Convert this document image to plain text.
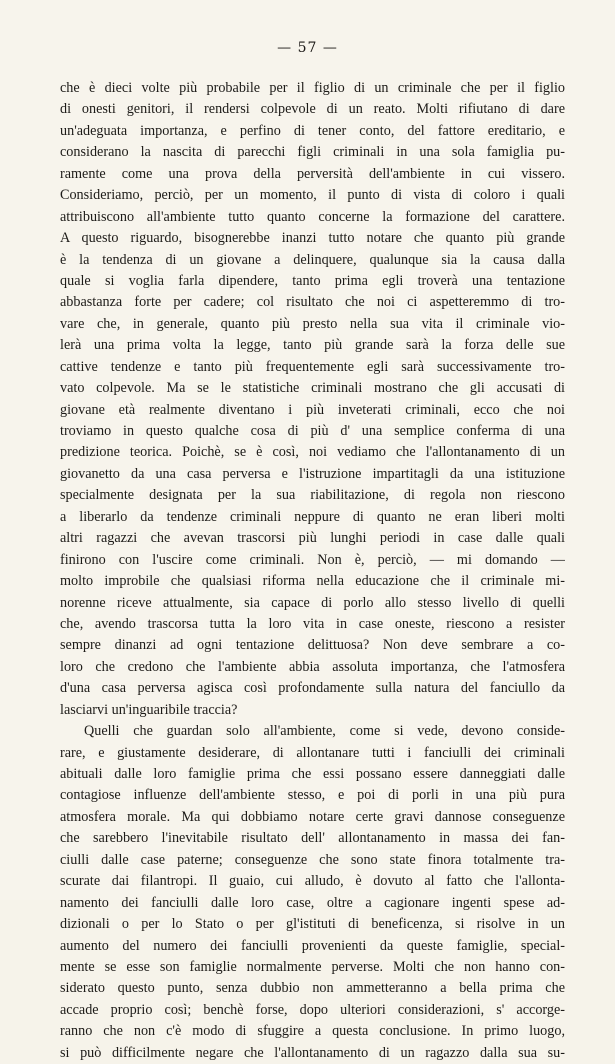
— 57 —
che è dieci volte più probabile per il figlio di un criminale che per il figlio
di onesti genitori, il rendersi colpevole di un reato. Molti rifiutano di dare
un'adeguata importanza, e perfino di tener conto, del fattore ereditario, e
considerano la nascita di parecchi figli criminali in una sola famiglia pu-
ramente come una prova della perversità dell'ambiente in cui vissero.
Consideriamo, perciò, per un momento, il punto di vista di coloro i quali
attribuiscono all'ambiente tutto quanto concerne la formazione del carattere.
A questo riguardo, bisognerebbe inanzi tutto notare che quanto più grande
è la tendenza di un giovane a delinquere, qualunque sia la causa dalla
quale si voglia farla dipendere, tanto prima egli troverà una tentazione
abbastanza forte per cadere; col risultato che noi ci aspetteremmo di tro-
vare che, in generale, quanto più presto nella sua vita il criminale vio-
lerà una prima volta la legge, tanto più grande sarà la forza delle sue
cattive tendenze e tanto più frequentemente egli sarà successivamente tro-
vato colpevole. Ma se le statistiche criminali mostrano che gli accusati di
giovane età realmente diventano i più inveterati criminali, ecco che noi
troviamo in questo qualche cosa di più d' una semplice conferma di una
predizione teorica. Poichè, se è così, noi vediamo che l'allontanamento di un
giovanetto da una casa perversa e l'istruzione impartitagli da una istituzione
specialmente designata per la sua riabilitazione, di regola non riescono
a liberarlo da tendenze criminali neppure di quanto ne eran liberi molti
altri ragazzi che avevan trascorsi più lunghi periodi in case dalle quali
finirono con l'uscire come criminali. Non è, perciò, — mi domando —
molto improbile che qualsiasi riforma nella educazione che il criminale mi-
norenne riceve attualmente, sia capace di porlo allo stesso livello di quelli
che, avendo trascorsa tutta la loro vita in case oneste, riescono a resister
sempre dinanzi ad ogni tentazione delittuosa? Non deve sembrare a co-
loro che credono che l'ambiente abbia assoluta importanza, che l'atmosfera
d'una casa perversa agisca così profondamente sulla natura del fanciullo da
lasciarvi un'inguaribile traccia?
Quelli che guardan solo all'ambiente, come si vede, devono conside-
rare, e giustamente desiderare, di allontanare tutti i fanciulli dei criminali
abituali dalle loro famiglie prima che essi possano essere danneggiati dalle
contagiose influenze dell'ambiente stesso, e poi di porli in una più pura
atmosfera morale. Ma qui dobbiamo notare certe gravi dannose conseguenze
che sarebbero l'inevitabile risultato dell' allontanamento in massa dei fan-
ciulli dalle case paterne; conseguenze che sono state finora totalmente tra-
scurate dai filantropi. Il guaio, cui alludo, è dovuto al fatto che l'allonta-
namento dei fanciulli dalle loro case, oltre a cagionare ingenti spese ad-
dizionali o per lo Stato o per gl'istituti di beneficenza, si risolve in un
aumento del numero dei fanciulli provenienti da queste famiglie, special-
mente se esse son famiglie normalmente perverse. Molti che non hanno con-
siderato questo punto, senza dubbio non ammetteranno a bella prima che
accade proprio così; benchè forse, dopo ulteriori considerazioni, s' accorge-
ranno che non c'è modo di sfuggire a questa conclusione. In primo luogo,
si può difficilmente negare che l'allontanamento di un ragazzo dalla sua su-
